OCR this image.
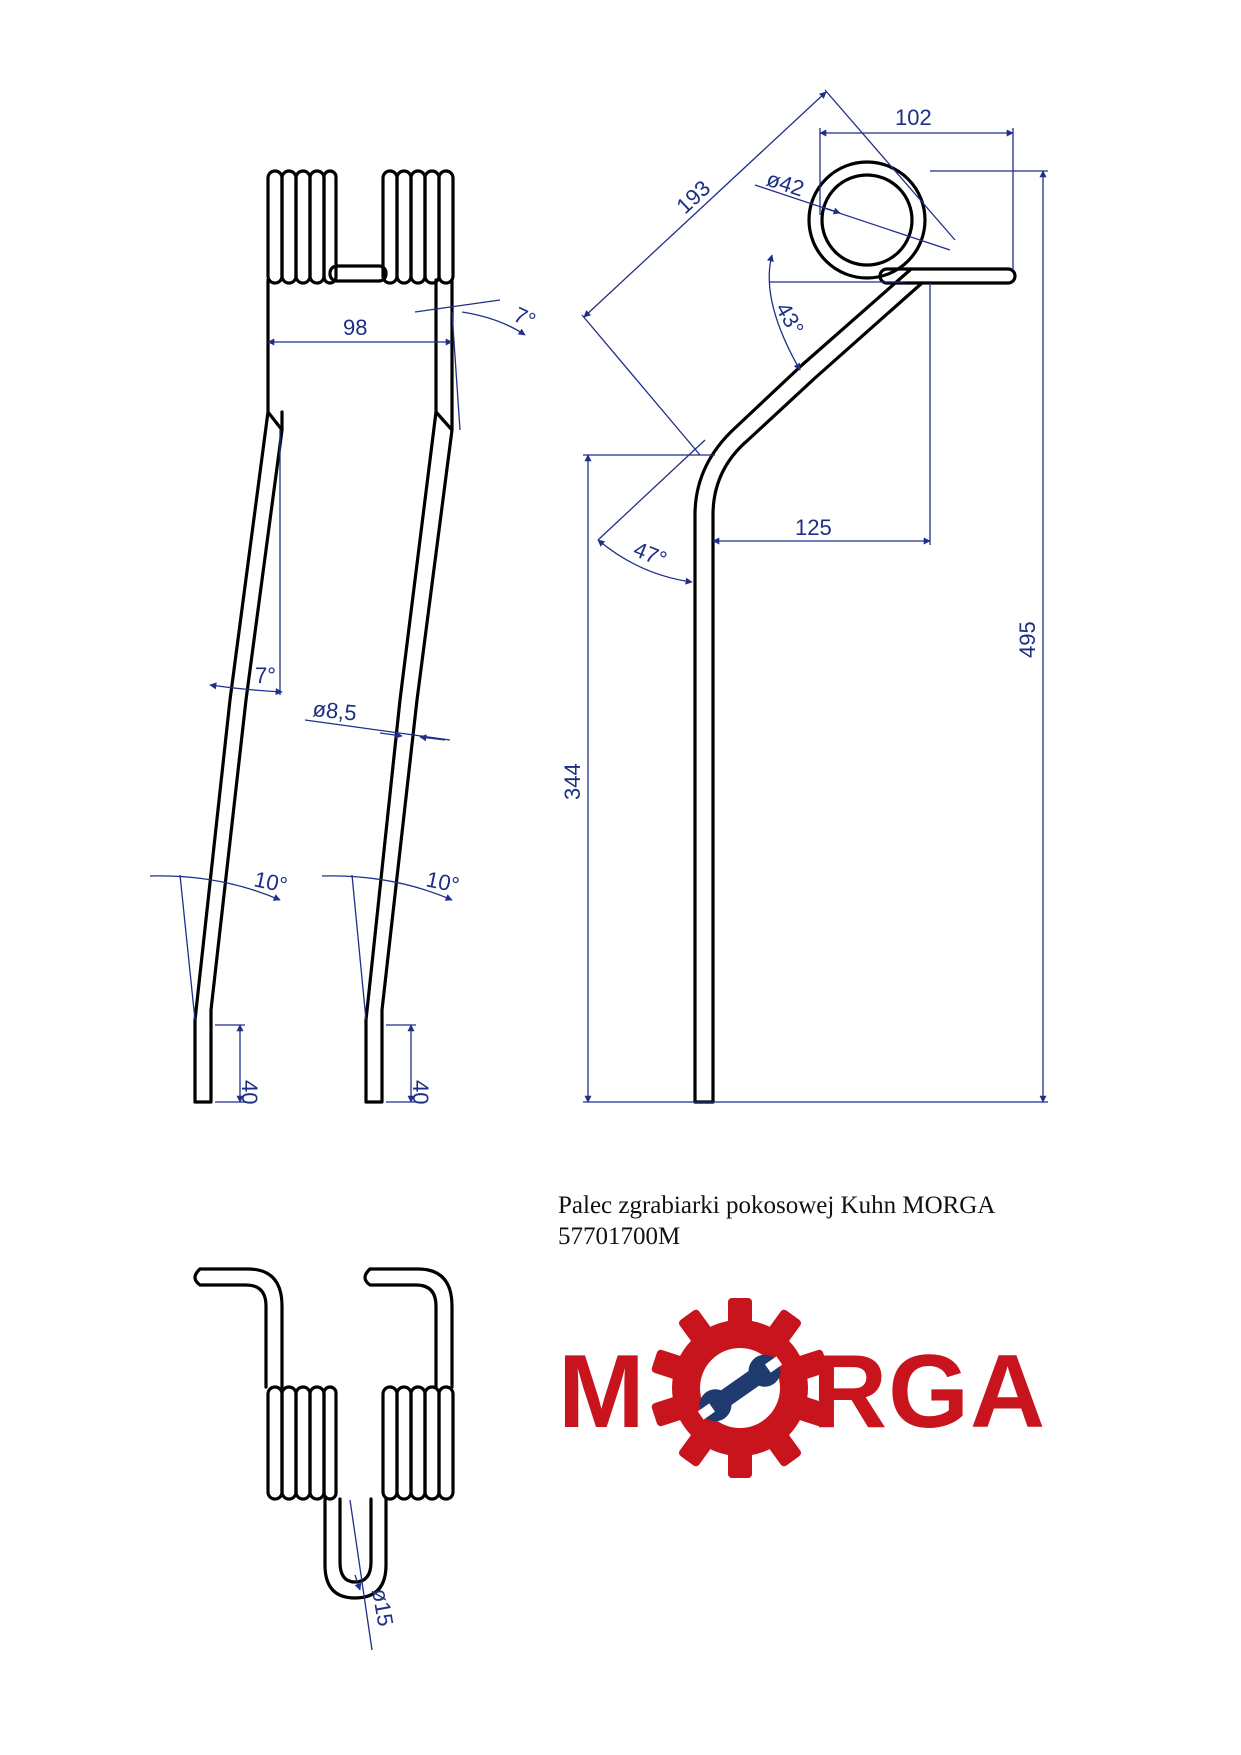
98	7°
7°
ø8,5
10°	10°
40	40
102
193 ø42
43°
125
47°
495
344
ø15
M RGA
Palec zgrabiarki pokosowej Kuhn MORGA
57701700M
